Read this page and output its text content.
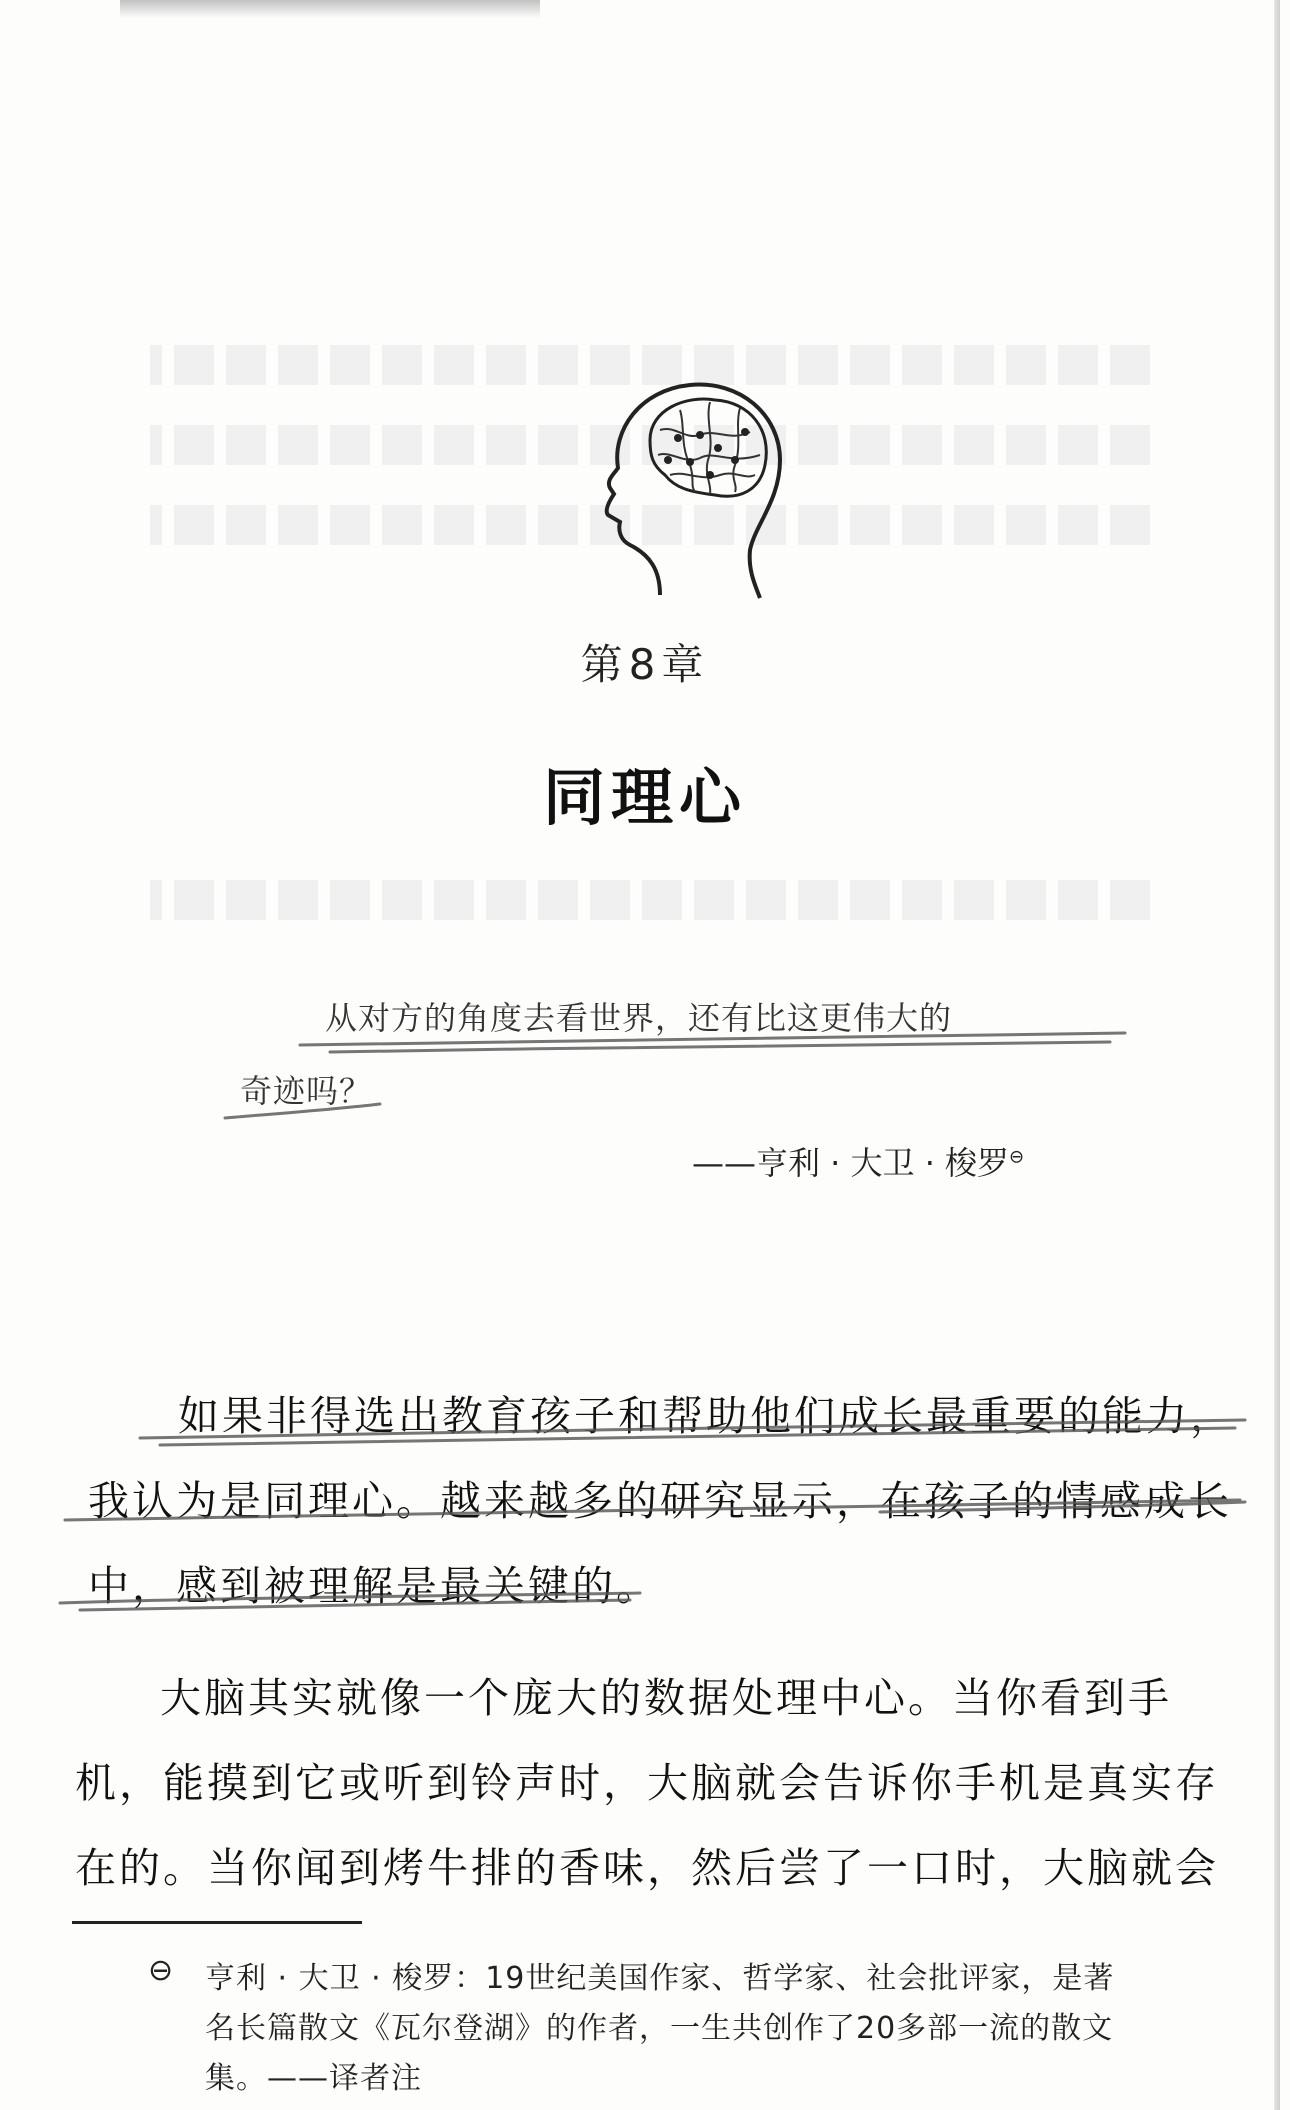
第8章
同理心
从对方的角度去看世界，还有比这更伟大的
奇迹吗？
——亨利 · 大卫 · 梭罗⊖
如果非得选出教育孩子和帮助他们成长最重要的能力，
我认为是同理心。越来越多的研究显示，在孩子的情感成长
中，感到被理解是最关键的。
大脑其实就像一个庞大的数据处理中心。当你看到手
机，能摸到它或听到铃声时，大脑就会告诉你手机是真实存
在的。当你闻到烤牛排的香味，然后尝了一口时，大脑就会
⊖ 亨利 · 大卫 · 梭罗：19世纪美国作家、哲学家、社会批评家，是著
名长篇散文《瓦尔登湖》的作者，一生共创作了20多部一流的散文
集。——译者注
